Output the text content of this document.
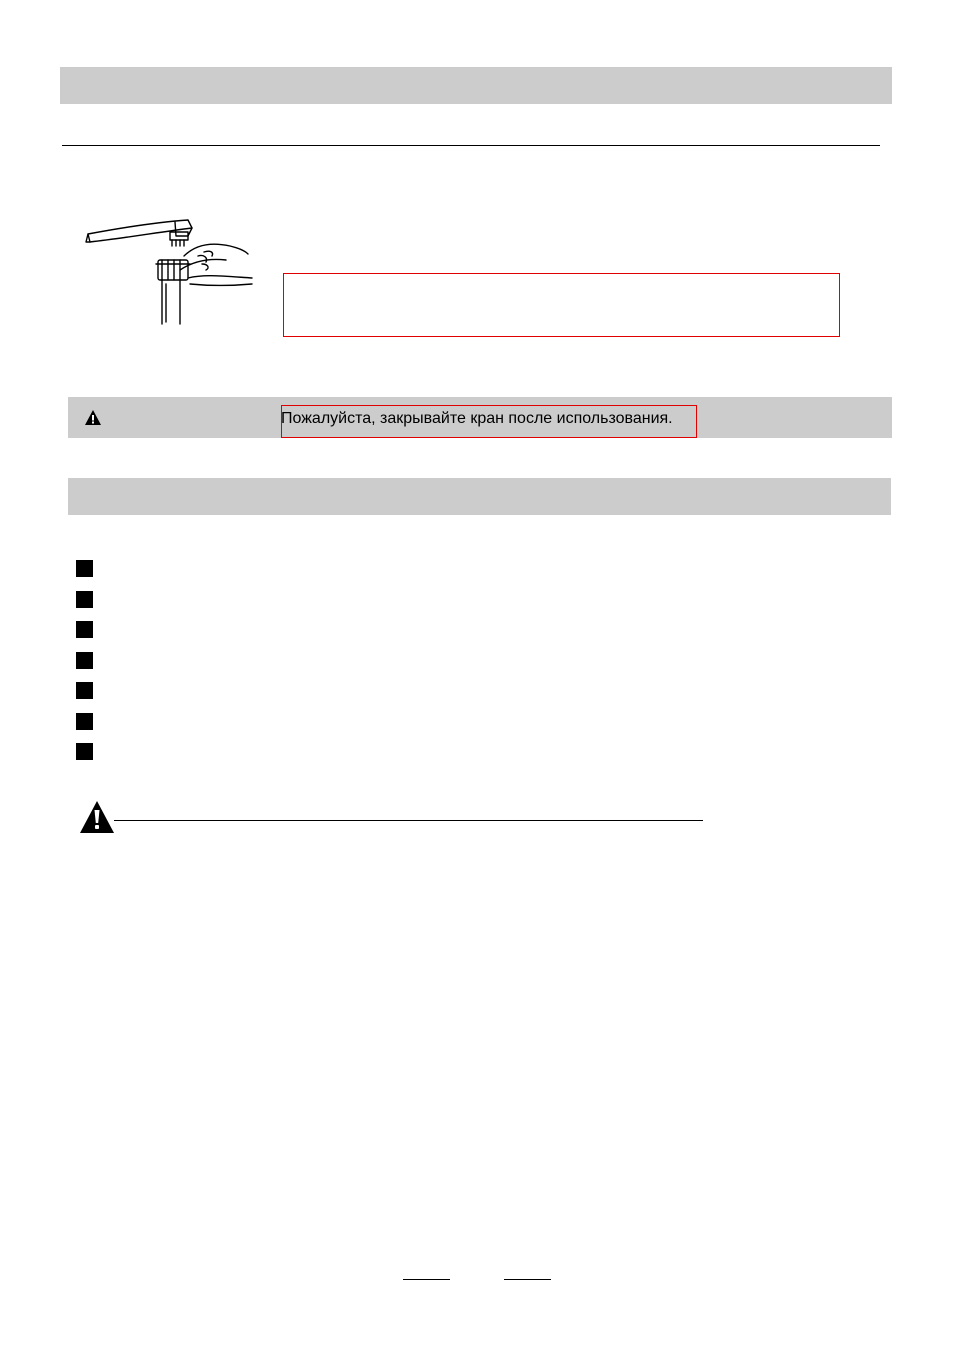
Пожалуйста, закрывайте кран после использования.
